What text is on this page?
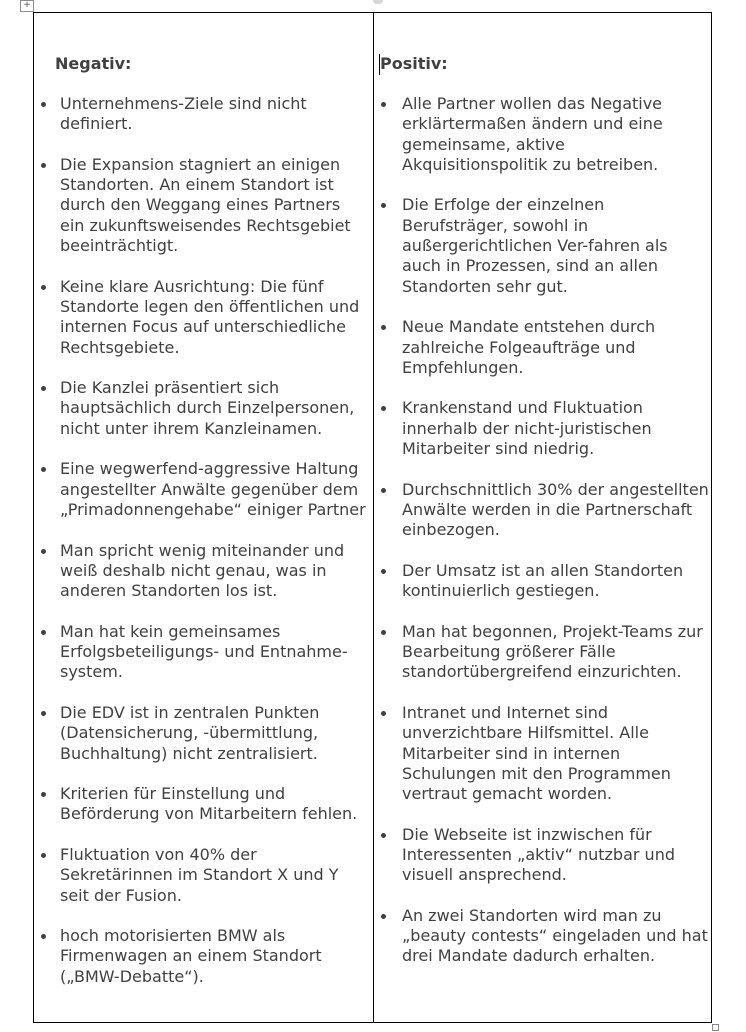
+
Negativ:
Unternehmens-Ziele sind nicht definiert.
Die Expansion stagniert an einigen Standorten. An einem Standort ist durch den Weggang eines Partners ein zukunftsweisendes Rechtsgebiet beeinträchtigt.
Keine klare Ausrichtung: Die fünf Standorte legen den öffentlichen und internen Focus auf unterschiedliche Rechtsgebiete.
Die Kanzlei präsentiert sich hauptsächlich durch Einzelpersonen, nicht unter ihrem Kanzleinamen.
Eine wegwerfend-aggressive Haltung angestellter Anwälte gegenüber dem „Primadonnengehabe“ einiger Partner
Man spricht wenig miteinander und weiß deshalb nicht genau, was in anderen Standorten los ist.
Man hat kein gemeinsames Erfolgsbeteiligungs- und Entnahme-system.
Die EDV ist in zentralen Punkten (Datensicherung, -übermittlung, Buchhaltung) nicht zentralisiert.
Kriterien für Einstellung und Beförderung von Mitarbeitern fehlen.
Fluktuation von 40% der Sekretärinnen im Standort X und Y seit der Fusion.
hoch motorisierten BMW als Firmenwagen an einem Standort („BMW-Debatte“).
Positiv:
Alle Partner wollen das Negative erklärtermaßen ändern und eine gemeinsame, aktive Akquisitionspolitik zu betreiben.
Die Erfolge der einzelnen Berufsträger, sowohl in außergerichtlichen Ver-fahren als auch in Prozessen, sind an allen Standorten sehr gut.
Neue Mandate entstehen durch zahlreiche Folgeaufträge und Empfehlungen.
Krankenstand und Fluktuation innerhalb der nicht-juristischen Mitarbeiter sind niedrig.
Durchschnittlich 30% der angestellten Anwälte werden in die Partnerschaft einbezogen.
Der Umsatz ist an allen Standorten kontinuierlich gestiegen.
Man hat begonnen, Projekt-Teams zur Bearbeitung größerer Fälle standortübergreifend einzurichten.
Intranet und Internet sind unverzichtbare Hilfsmittel. Alle Mitarbeiter sind in internen Schulungen mit den Programmen vertraut gemacht worden.
Die Webseite ist inzwischen für Interessenten „aktiv“ nutzbar und visuell ansprechend.
An zwei Standorten wird man zu „beauty contests“ eingeladen und hat drei Mandate dadurch erhalten.
